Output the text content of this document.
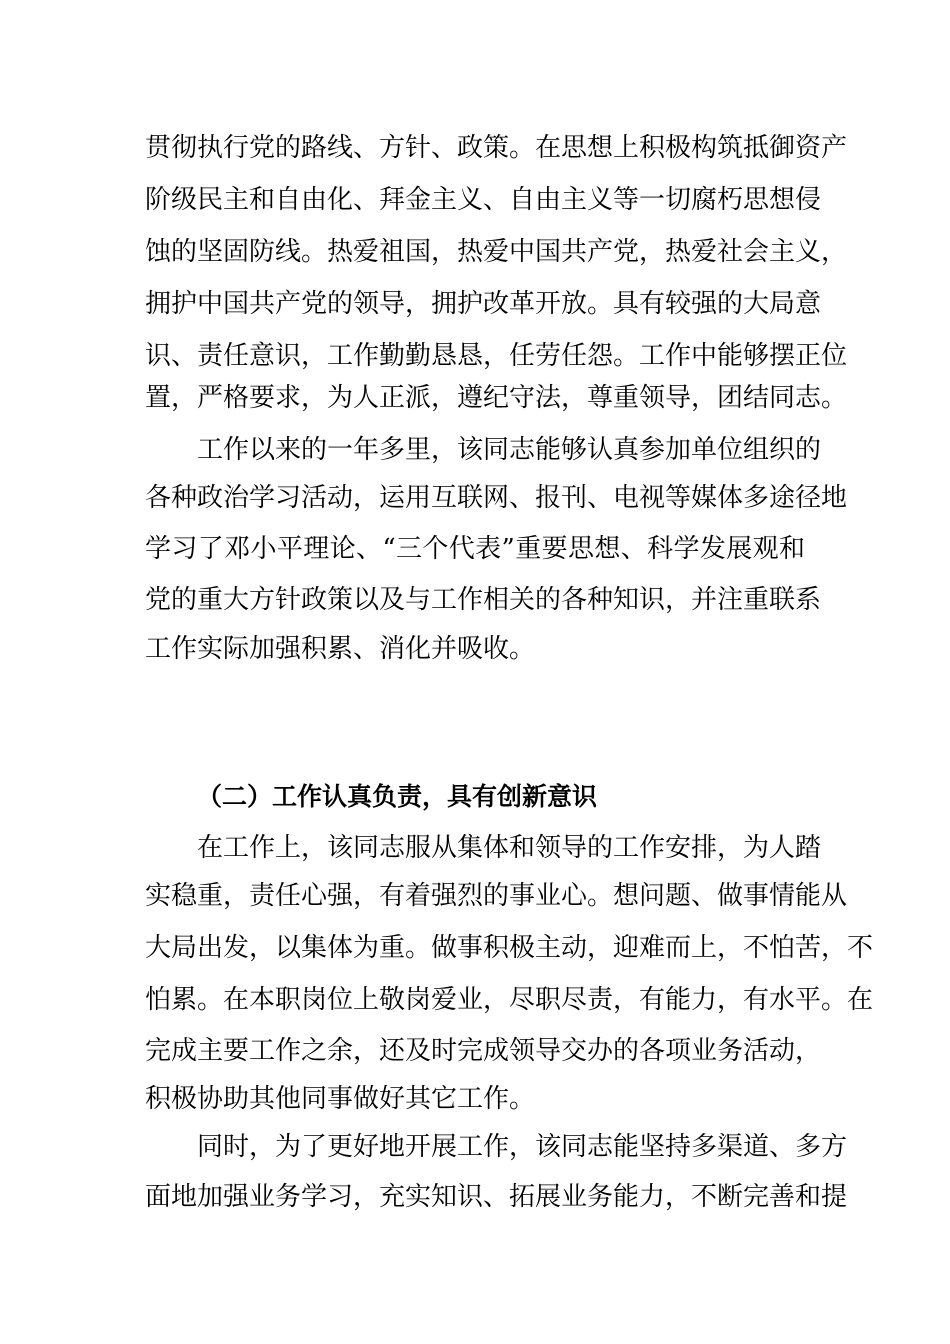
贯彻执行党的路线、方针、政策。在思想上积极构筑抵御资产
阶级民主和自由化、拜金主义、自由主义等一切腐朽思想侵
蚀的坚固防线。热爱祖国，热爱中国共产党，热爱社会主义，
拥护中国共产党的领导，拥护改革开放。具有较强的大局意
识、责任意识，工作勤勤恳恳，任劳任怨。工作中能够摆正位
置，严格要求，为人正派，遵纪守法，尊重领导，团结同志。
工作以来的一年多里，该同志能够认真参加单位组织的
各种政治学习活动，运用互联网、报刊、电视等媒体多途径地
学习了邓小平理论、“三个代表”重要思想、科学发展观和
党的重大方针政策以及与工作相关的各种知识，并注重联系
工作实际加强积累、消化并吸收。
（二）工作认真负责，具有创新意识
在工作上，该同志服从集体和领导的工作安排，为人踏
实稳重，责任心强，有着强烈的事业心。想问题、做事情能从
大局出发，以集体为重。做事积极主动，迎难而上，不怕苦，不
怕累。在本职岗位上敬岗爱业，尽职尽责，有能力，有水平。在
完成主要工作之余，还及时完成领导交办的各项业务活动，
积极协助其他同事做好其它工作。
同时，为了更好地开展工作，该同志能坚持多渠道、多方
面地加强业务学习，充实知识、拓展业务能力，不断完善和提
